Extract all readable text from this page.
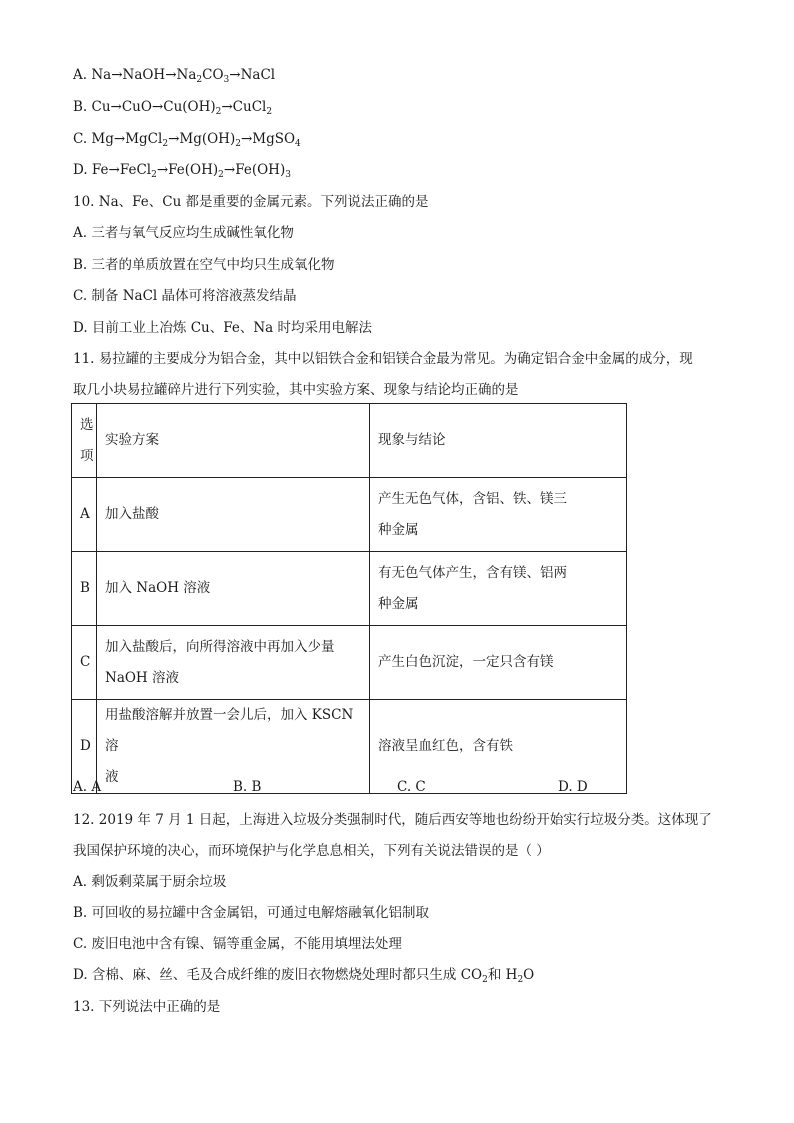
A. $Na\to NaOH\to Na_2CO_3\to NaCl$
B. $Cu\to CuO\to Cu(OH)_2\to CuCl_2$
C. $Mg\to MgCl_2\to Mg(OH)_2\to MgSO_4$
D. $Fe\to FeCl_2\to Fe(OH)_2\to Fe(OH)_3$
10. Na、Fe、Cu 都是重要的金属元素。下列说法正确的是
A. 三者与氧气反应均生成碱性氧化物
B. 三者的单质放置在空气中均只生成氧化物
C. 制备 NaCl 晶体可将溶液蒸发结晶
D. 目前工业上冶炼 Cu、Fe、Na 时均采用电解法
11. 易拉罐的主要成分为铝合金，其中以铝铁合金和铝镁合金最为常见。为确定铝合金中金属的成分，现
取几小块易拉罐碎片进行下列实验，其中实验方案、现象与结论均正确的是
选
项	实验方案	现象与结论
A	加入盐酸	产生无色气体，含铝、铁、镁三
种金属

B	加入 NaOH 溶液	有无色气体产生，含有镁、铝两
种金属

C	加入盐酸后，向所得溶液中再加入少量
NaOH 溶液	产生白色沉淀，一定只含有镁

D	用盐酸溶解并放置一会儿后，加入 KSCN 溶
液	溶液呈血红色，含有铁
A. A	B. B	C. C	D. D
12. 2019 年 7 月 1 日起，上海进入垃圾分类强制时代，随后西安等地也纷纷开始实行垃圾分类。这体现了
我国保护环境的决心，而环境保护与化学息息相关，下列有关说法错误的是（ ）
A. 剩饭剩菜属于厨余垃圾
B. 可回收的易拉罐中含金属铝，可通过电解熔融氧化铝制取
C. 废旧电池中含有镍、镉等重金属，不能用填埋法处理
D. 含棉、麻、丝、毛及合成纤维的废旧衣物燃烧处理时都只生成 $CO_2$和 $H_2O$
13. 下列说法中正确的是
